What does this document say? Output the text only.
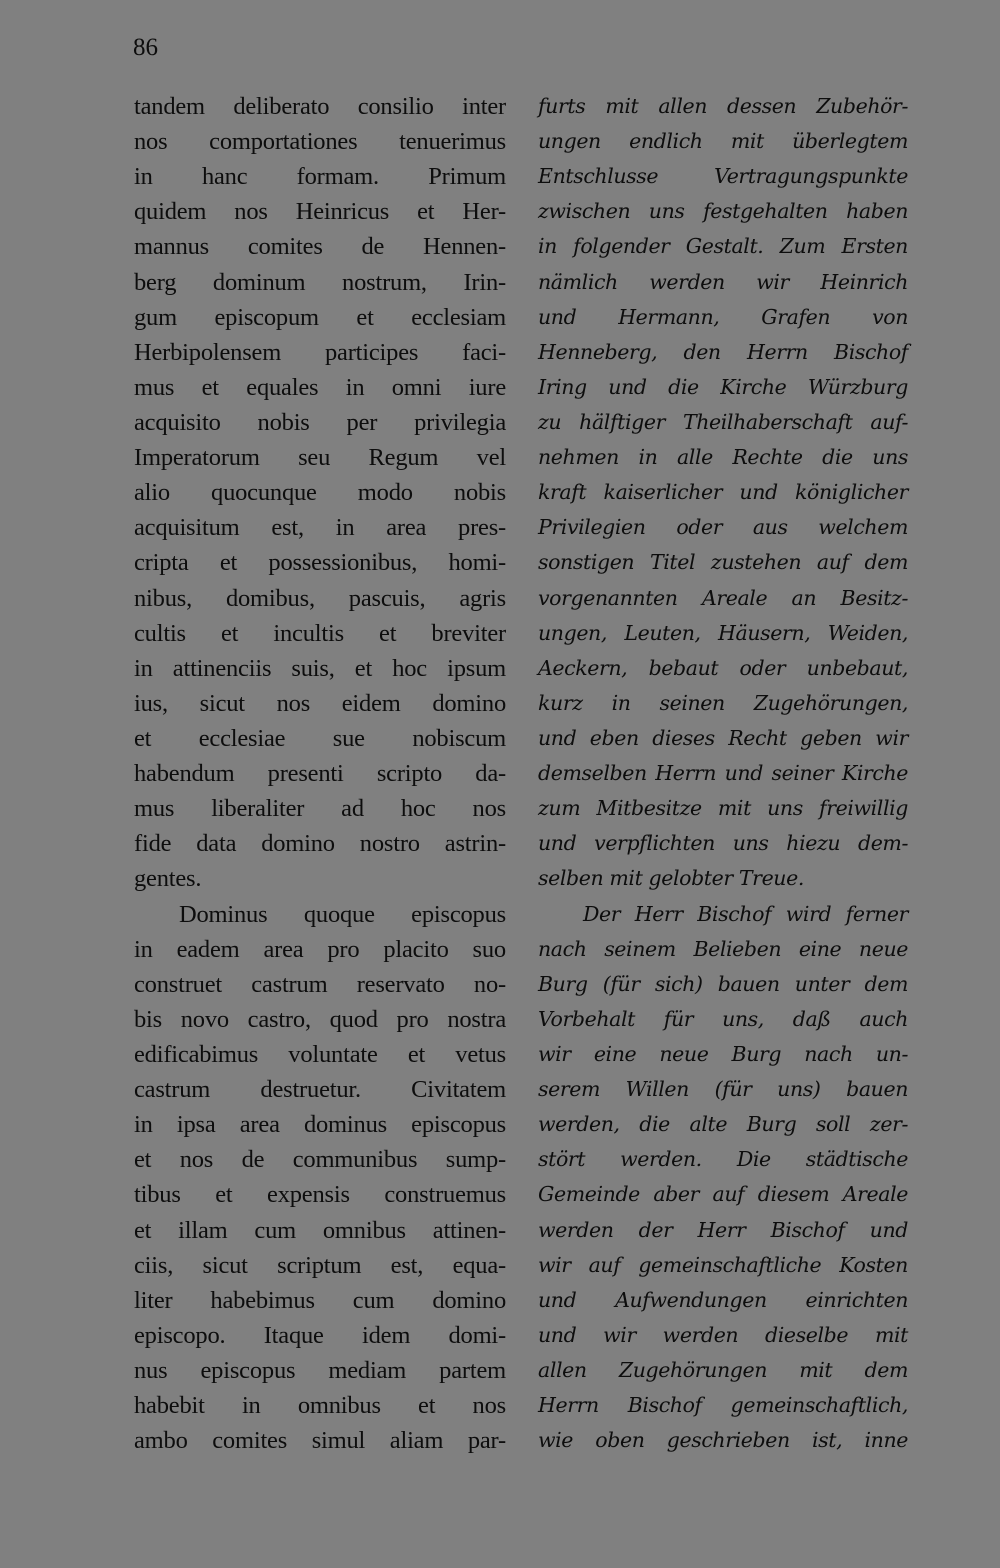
86
tandem deliberato consilio inter
nos comportationes tenuerimus
in hanc formam. Primum
quidem nos Heinricus et Her-
mannus comites de Hennen-
berg dominum nostrum, Irin-
gum episcopum et ecclesiam
Herbipolensem participes faci-
mus et equales in omni iure
acquisito nobis per privilegia
Imperatorum seu Regum vel
alio quocunque modo nobis
acquisitum est, in area pres-
cripta et possessionibus, homi-
nibus, domibus, pascuis, agris
cultis et incultis et breviter
in attinenciis suis, et hoc ipsum
ius, sicut nos eidem domino
et ecclesiae sue nobiscum
habendum presenti scripto da-
mus liberaliter ad hoc nos
fide data domino nostro astrin-
gentes.
Dominus quoque episcopus
in eadem area pro placito suo
construet castrum reservato no-
bis novo castro, quod pro nostra
edificabimus voluntate et vetus
castrum destruetur. Civitatem
in ipsa area dominus episcopus
et nos de communibus sump-
tibus et expensis construemus
et illam cum omnibus attinen-
ciis, sicut scriptum est, equa-
liter habebimus cum domino
episcopo. Itaque idem domi-
nus episcopus mediam partem
habebit in omnibus et nos
ambo comites simul aliam par-
furts mit allen dessen Zubehör-
ungen endlich mit überlegtem
Entschlusse Vertragungspunkte
zwischen uns festgehalten haben
in folgender Gestalt. Zum Ersten
nämlich werden wir Heinrich
und Hermann, Grafen von
Henneberg, den Herrn Bischof
Iring und die Kirche Würzburg
zu hälftiger Theilhaberschaft auf-
nehmen in alle Rechte die uns
kraft kaiserlicher und königlicher
Privilegien oder aus welchem
sonstigen Titel zustehen auf dem
vorgenannten Areale an Besitz-
ungen, Leuten, Häusern, Weiden,
Aeckern, bebaut oder unbebaut,
kurz in seinen Zugehörungen,
und eben dieses Recht geben wir
demselben Herrn und seiner Kirche
zum Mitbesitze mit uns freiwillig
und verpflichten uns hiezu dem-
selben mit gelobter Treue.
Der Herr Bischof wird ferner
nach seinem Belieben eine neue
Burg (für sich) bauen unter dem
Vorbehalt für uns, daß auch
wir eine neue Burg nach un-
serem Willen (für uns) bauen
werden, die alte Burg soll zer-
stört werden. Die städtische
Gemeinde aber auf diesem Areale
werden der Herr Bischof und
wir auf gemeinschaftliche Kosten
und Aufwendungen einrichten
und wir werden dieselbe mit
allen Zugehörungen mit dem
Herrn Bischof gemeinschaftlich,
wie oben geschrieben ist, inne
